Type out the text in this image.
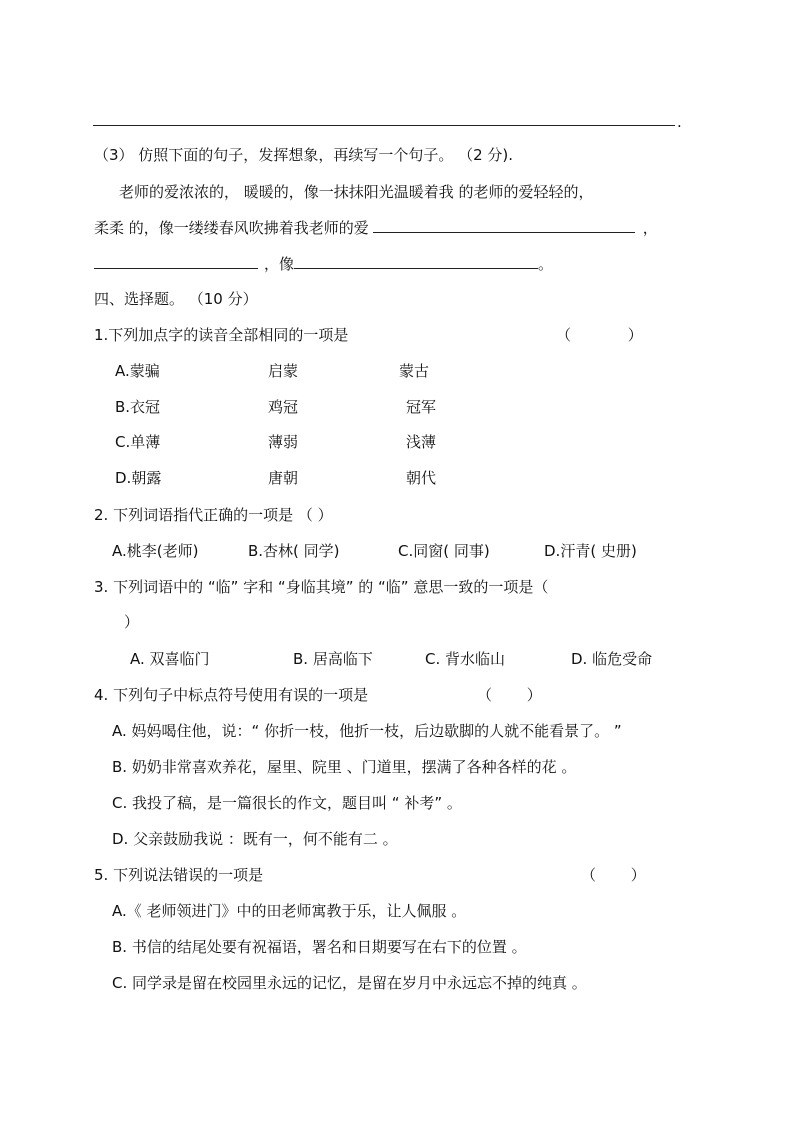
.
（3） 仿照下面的句子，发挥想象，再续写一个句子。 （2 分).
老师的爱浓浓的， 暖暖的，像一抹抹阳光温暖着我 的老师的爱轻轻的，
柔柔 的，像一缕缕春风吹拂着我老师的爱	，
，像	。
四、选择题。 （10 分）
1.下列加点字的读音全部相同的一项是	（ ）
A.蒙骗	启蒙	蒙古
B.衣冠	鸡冠	冠军
C.单薄	薄弱	浅薄
D.朝露	唐朝	朝代
2. 下列词语指代正确的一项是 （ ）
A.桃李(老师)	B.杏林( 同学)	C.同窗( 同事)	D.汗青( 史册)
3. 下列词语中的 “临” 字和 “身临其境” 的 “临” 意思一致的一项是（
）
A. 双喜临门	B. 居高临下	C. 背水临山	D. 临危受命
4. 下列句子中标点符号使用有误的一项是	（ ）
A. 妈妈喝住他，说：“ 你折一枝，他折一枝，后边歇脚的人就不能看景了。 ”
B. 奶奶非常喜欢养花，屋里、院里 、门道里，摆满了各种各样的花 。
C. 我投了稿，是一篇很长的作文，题目叫 “ 补考” 。
D. 父亲鼓励我说 ：既有一，何不能有二 。
5. 下列说法错误的一项是	（ ）
A.《 老师领进门》中的田老师寓教于乐，让人佩服 。
B. 书信的结尾处要有祝福语，署名和日期要写在右下的位置 。
C. 同学录是留在校园里永远的记忆，是留在岁月中永远忘不掉的纯真 。
